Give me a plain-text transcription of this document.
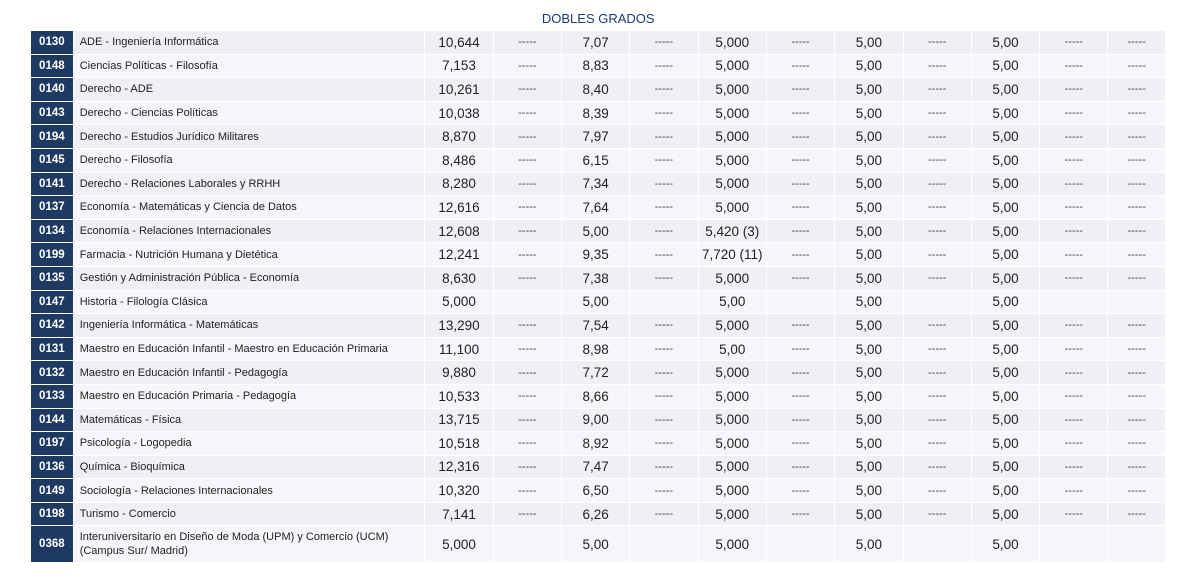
DOBLES GRADOS												
0130	ADE - Ingeniería Informática	10,644	-----	7,07	-----	5,000	-----	5,00	-----	5,00	-----	-----
0148	Ciencias Políticas - Filosofía	7,153	-----	8,83	-----	5,000	-----	5,00	-----	5,00	-----	-----
0140	Derecho - ADE	10,261	-----	8,40	-----	5,000	-----	5,00	-----	5,00	-----	-----
0143	Derecho - Ciencias Políticas	10,038	-----	8,39	-----	5,000	-----	5,00	-----	5,00	-----	-----
0194	Derecho - Estudios Jurídico Militares	8,870	-----	7,97	-----	5,000	-----	5,00	-----	5,00	-----	-----
0145	Derecho - Filosofía	8,486	-----	6,15	-----	5,000	-----	5,00	-----	5,00	-----	-----
0141	Derecho - Relaciones Laborales y RRHH	8,280	-----	7,34	-----	5,000	-----	5,00	-----	5,00	-----	-----
0137	Economía - Matemáticas y Ciencia de Datos	12,616	-----	7,64	-----	5,000	-----	5,00	-----	5,00	-----	-----
0134	Economía - Relaciones Internacionales	12,608	-----	5,00	-----	5,420 (3)	-----	5,00	-----	5,00	-----	-----
0199	Farmacia - Nutrición Humana y Dietética	12,241	-----	9,35	-----	7,720 (11)	-----	5,00	-----	5,00	-----	-----
0135	Gestión y Administración Pública - Economía	8,630	-----	7,38	-----	5,000	-----	5,00	-----	5,00	-----	-----
0147	Historia - Filología Clásica	5,000		5,00		5,00		5,00		5,00		
0142	Ingeniería Informática - Matemáticas	13,290	-----	7,54	-----	5,000	-----	5,00	-----	5,00	-----	-----
0131	Maestro en Educación Infantil - Maestro en Educación Primaria	11,100	-----	8,98	-----	5,00	-----	5,00	-----	5,00	-----	-----
0132	Maestro en Educación Infantil - Pedagogía	9,880	-----	7,72	-----	5,000	-----	5,00	-----	5,00	-----	-----
0133	Maestro en Educación Primaria - Pedagogía	10,533	-----	8,66	-----	5,000	-----	5,00	-----	5,00	-----	-----
0144	Matemáticas - Física	13,715	-----	9,00	-----	5,000	-----	5,00	-----	5,00	-----	-----
0197	Psicología - Logopedia	10,518	-----	8,92	-----	5,000	-----	5,00	-----	5,00	-----	-----
0136	Química - Bioquímica	12,316	-----	7,47	-----	5,000	-----	5,00	-----	5,00	-----	-----
0149	Sociología - Relaciones Internacionales	10,320	-----	6,50	-----	5,000	-----	5,00	-----	5,00	-----	-----
0198	Turismo - Comercio	7,141	-----	6,26	-----	5,000	-----	5,00	-----	5,00	-----	-----
0368	Interuniversitario en Diseño de Moda (UPM) y Comercio (UCM) (Campus Sur/ Madrid)	5,000		5,00		5,000		5,00		5,00		
